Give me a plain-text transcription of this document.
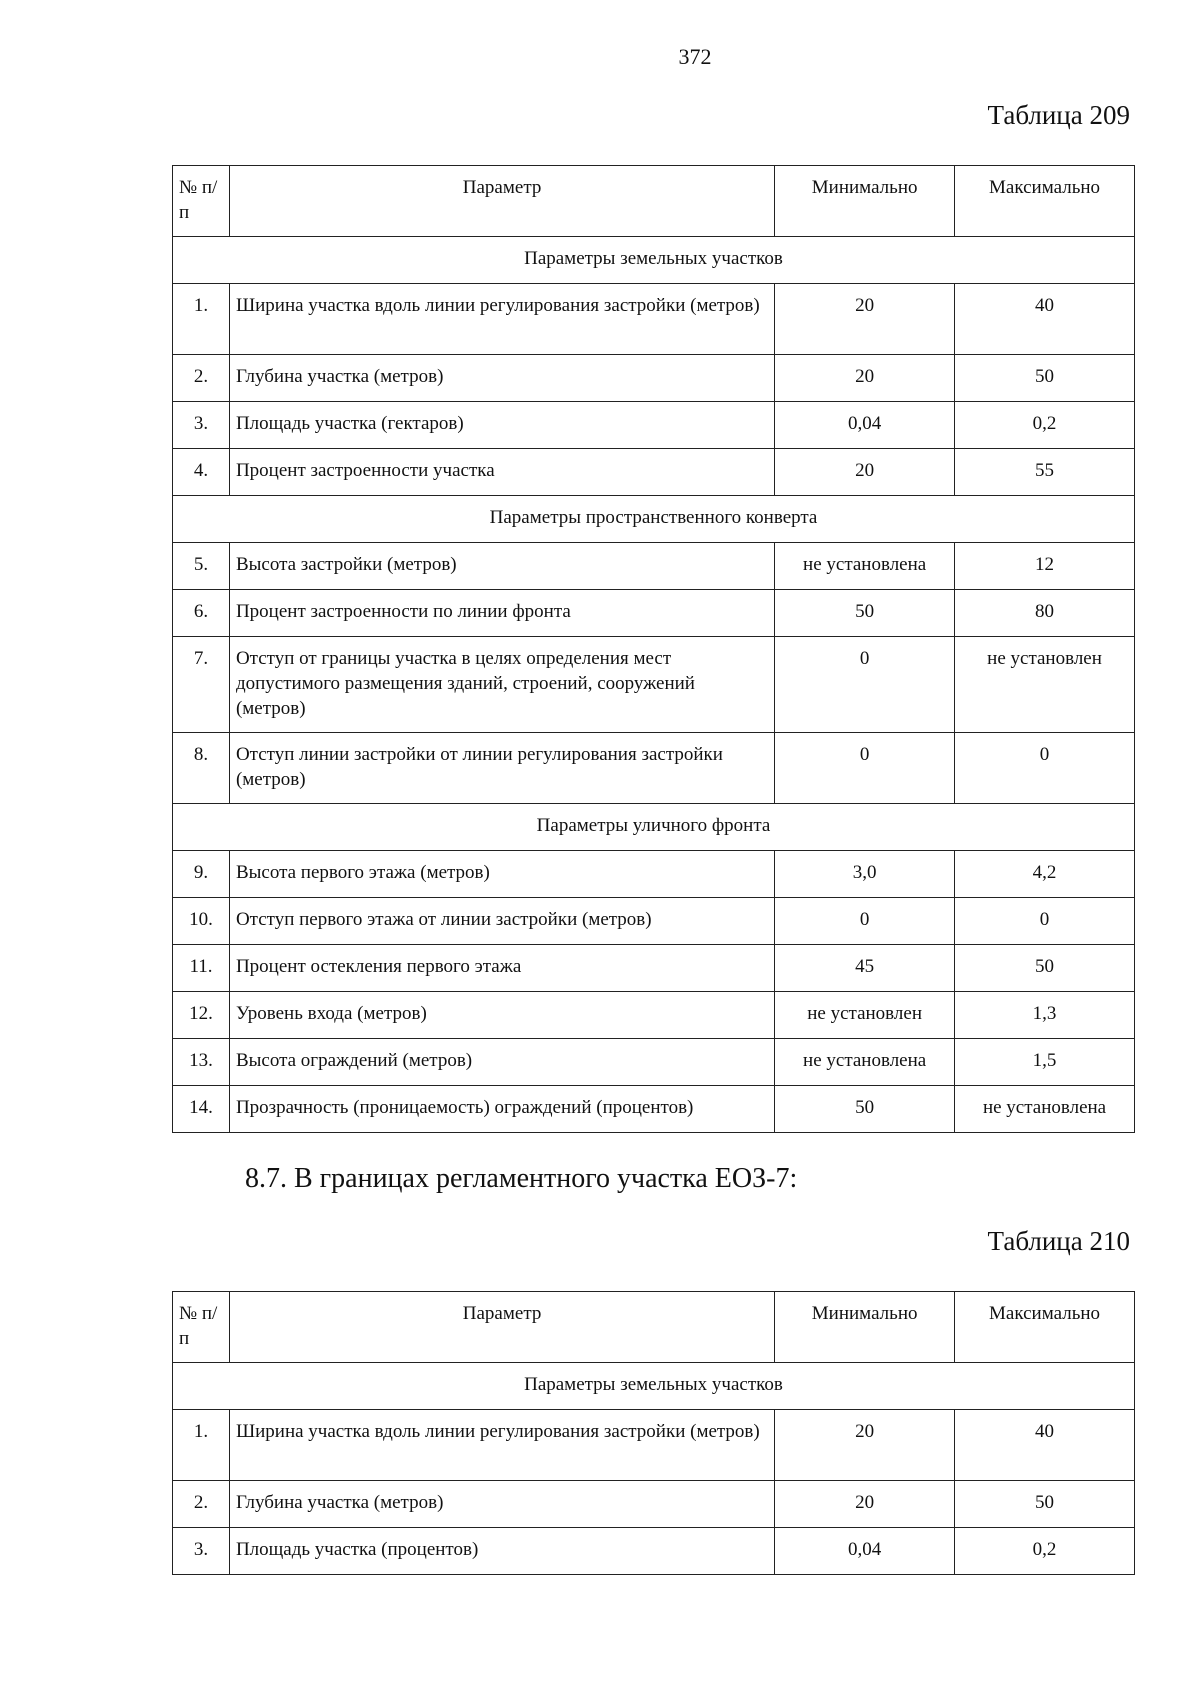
372
Таблица 209
№ п/п	Параметр	Минимально	Максимально
Параметры земельных участков			
1.	Ширина участка вдоль линии регулирования застройки (метров)	20	40
2.	Глубина участка (метров)	20	50
3.	Площадь участка (гектаров)	0,04	0,2
4.	Процент застроенности участка	20	55
Параметры пространственного конверта			
5.	Высота застройки (метров)	не установлена	12
6.	Процент застроенности по линии фронта	50	80
7.	Отступ от границы участка в целях определения мест допустимого размещения зданий, строений, сооружений (метров)	0	не установлен
8.	Отступ линии застройки от линии регулирования застройки (метров)	0	0
Параметры уличного фронта			
9.	Высота первого этажа (метров)	3,0	4,2
10.	Отступ первого этажа от линии застройки (метров)	0	0
11.	Процент остекления первого этажа	45	50
12.	Уровень входа (метров)	не установлен	1,3
13.	Высота ограждений (метров)	не установлена	1,5
14.	Прозрачность (проницаемость) ограждений (процентов)	50	не установлена
8.7. В границах регламентного участка ЕОЗ-7:
Таблица 210
№ п/п	Параметр	Минимально	Максимально
Параметры земельных участков			
1.	Ширина участка вдоль линии регулирования застройки (метров)	20	40
2.	Глубина участка (метров)	20	50
3.	Площадь участка (процентов)	0,04	0,2
